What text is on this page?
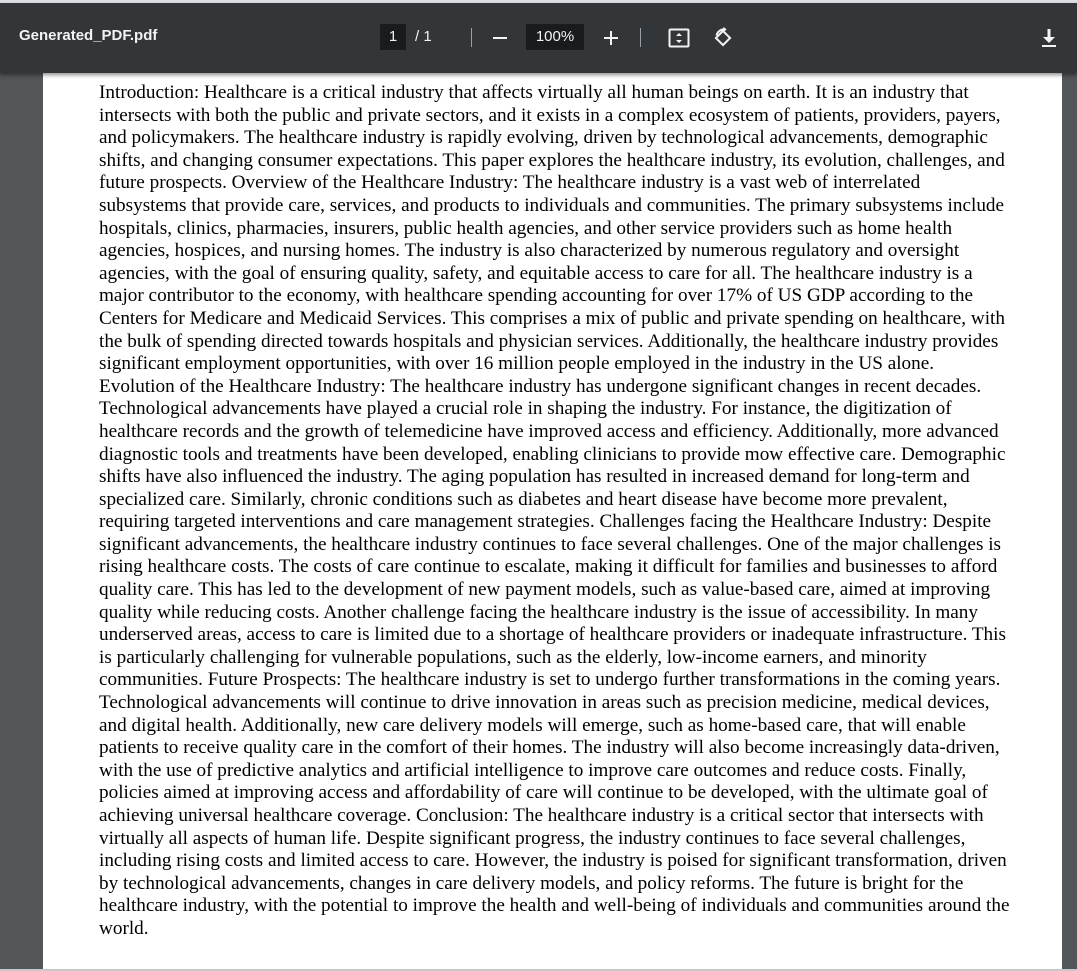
Generated_PDF.pdf	1	/ 1	100%

Introduction: Healthcare is a critical industry that affects virtually all human beings on earth. It is an industry that intersects with both the public and private sectors, and it exists in a complex ecosystem of patients, providers, payers, and policymakers. The healthcare industry is rapidly evolving, driven by technological advancements, demographic shifts, and changing consumer expectations. This paper explores the healthcare industry, its evolution, challenges, and future prospects. Overview of the Healthcare Industry: The healthcare industry is a vast web of interrelated subsystems that provide care, services, and products to individuals and communities. The primary subsystems include hospitals, clinics, pharmacies, insurers, public health agencies, and other service providers such as home health agencies, hospices, and nursing homes. The industry is also characterized by numerous regulatory and oversight agencies, with the goal of ensuring quality, safety, and equitable access to care for all. The healthcare industry is a major contributor to the economy, with healthcare spending accounting for over 17% of US GDP according to the Centers for Medicare and Medicaid Services. This comprises a mix of public and private spending on healthcare, with the bulk of spending directed towards hospitals and physician services. Additionally, the healthcare industry provides significant employment opportunities, with over 16 million people employed in the industry in the US alone. Evolution of the Healthcare Industry: The healthcare industry has undergone significant changes in recent decades. Technological advancements have played a crucial role in shaping the industry. For instance, the digitization of healthcare records and the growth of telemedicine have improved access and efficiency. Additionally, more advanced diagnostic tools and treatments have been developed, enabling clinicians to provide mow effective care. Demographic shifts have also influenced the industry. The aging population has resulted in increased demand for long-term and specialized care. Similarly, chronic conditions such as diabetes and heart disease have become more prevalent, requiring targeted interventions and care management strategies. Challenges facing the Healthcare Industry: Despite significant advancements, the healthcare industry continues to face several challenges. One of the major challenges is rising healthcare costs. The costs of care continue to escalate, making it difficult for families and businesses to afford quality care. This has led to the development of new payment models, such as value-based care, aimed at improving quality while reducing costs. Another challenge facing the healthcare industry is the issue of accessibility. In many underserved areas, access to care is limited due to a shortage of healthcare providers or inadequate infrastructure. This is particularly challenging for vulnerable populations, such as the elderly, low-income earners, and minority communities. Future Prospects: The healthcare industry is set to undergo further transformations in the coming years. Technological advancements will continue to drive innovation in areas such as precision medicine, medical devices, and digital health. Additionally, new care delivery models will emerge, such as home-based care, that will enable patients to receive quality care in the comfort of their homes. The industry will also become increasingly data-driven, with the use of predictive analytics and artificial intelligence to improve care outcomes and reduce costs. Finally, policies aimed at improving access and affordability of care will continue to be developed, with the ultimate goal of achieving universal healthcare coverage. Conclusion: The healthcare industry is a critical sector that intersects with virtually all aspects of human life. Despite significant progress, the industry continues to face several challenges, including rising costs and limited access to care. However, the industry is poised for significant transformation, driven by technological advancements, changes in care delivery models, and policy reforms. The future is bright for the healthcare industry, with the potential to improve the health and well-being of individuals and communities around the world.
